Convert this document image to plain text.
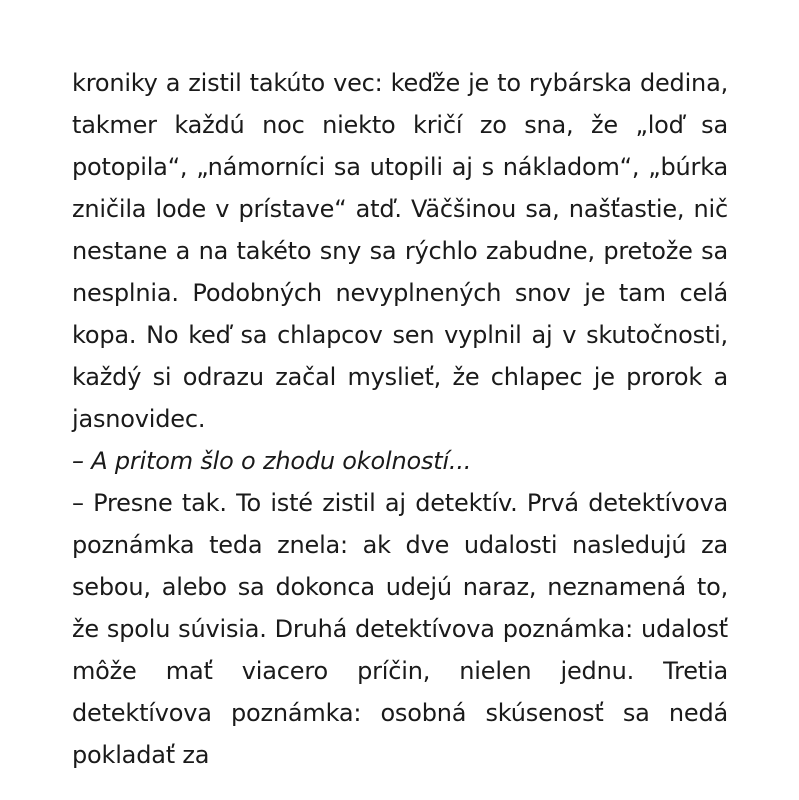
kroniky a zistil takúto vec: keďže je to rybárska dedina, takmer každú noc niekto kričí zo sna, že „loď sa potopila“, „námorníci sa utopili aj s nákladom“, „búrka zničila lode v prístave“ atď. Väčšinou sa, našťastie, nič nestane a na takéto sny sa rýchlo zabudne, pretože sa nesplnia. Podobných nevyplnených snov je tam celá kopa. No keď sa chlapcov sen vyplnil aj v skutočnosti, každý si odrazu začal myslieť, že chlapec je prorok a jasnovidec.

– A pritom šlo o zhodu okolností...

– Presne tak. To isté zistil aj detektív. Prvá detektívova poznámka teda znela: ak dve udalosti nasledujú za sebou, alebo sa dokonca udejú naraz, neznamená to, že spolu súvisia. Druhá detektívova poznámka: udalosť môže mať viacero príčin, nielen jednu. Tretia detektívova poznámka: osobná skúsenosť sa nedá pokladať za
